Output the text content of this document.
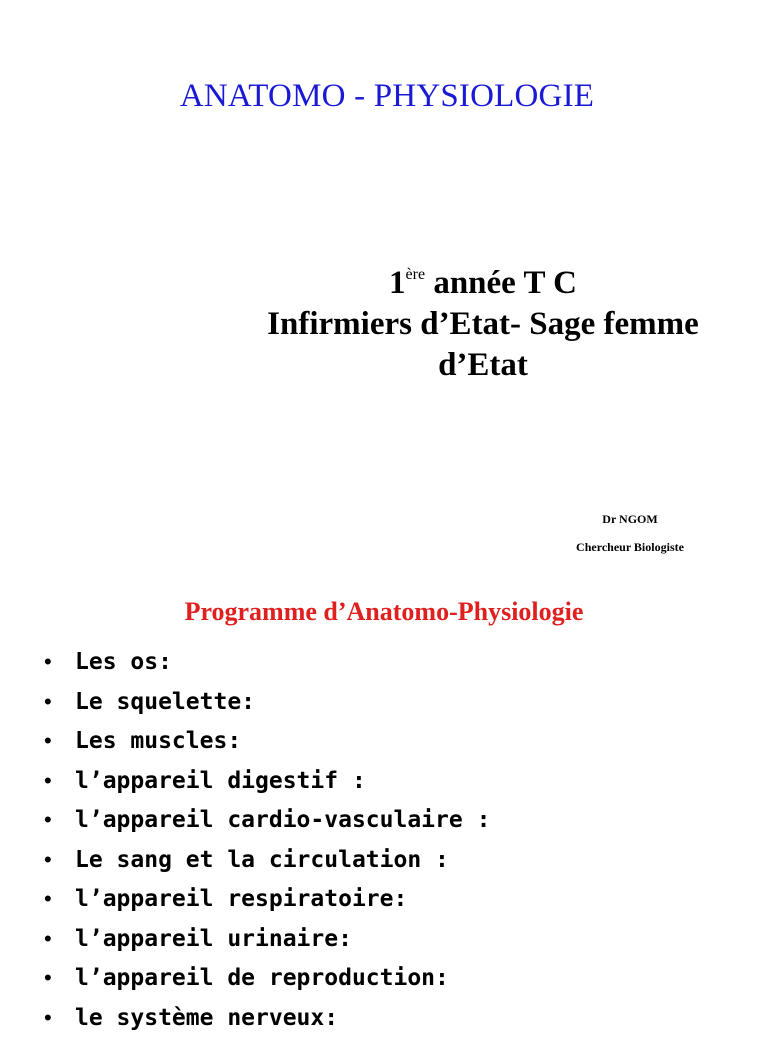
ANATOMO - PHYSIOLOGIE
1ère année T C
Infirmiers d’Etat- Sage femme
d’Etat
Dr NGOM
Chercheur Biologiste
Programme d’Anatomo-Physiologie
• Les os:
• Le squelette:
• Les muscles:
• l’appareil digestif :
• l’appareil cardio-vasculaire :
• Le sang et la circulation :
• l’appareil respiratoire:
• l’appareil urinaire:
• l’appareil de reproduction:
• le système nerveux:
